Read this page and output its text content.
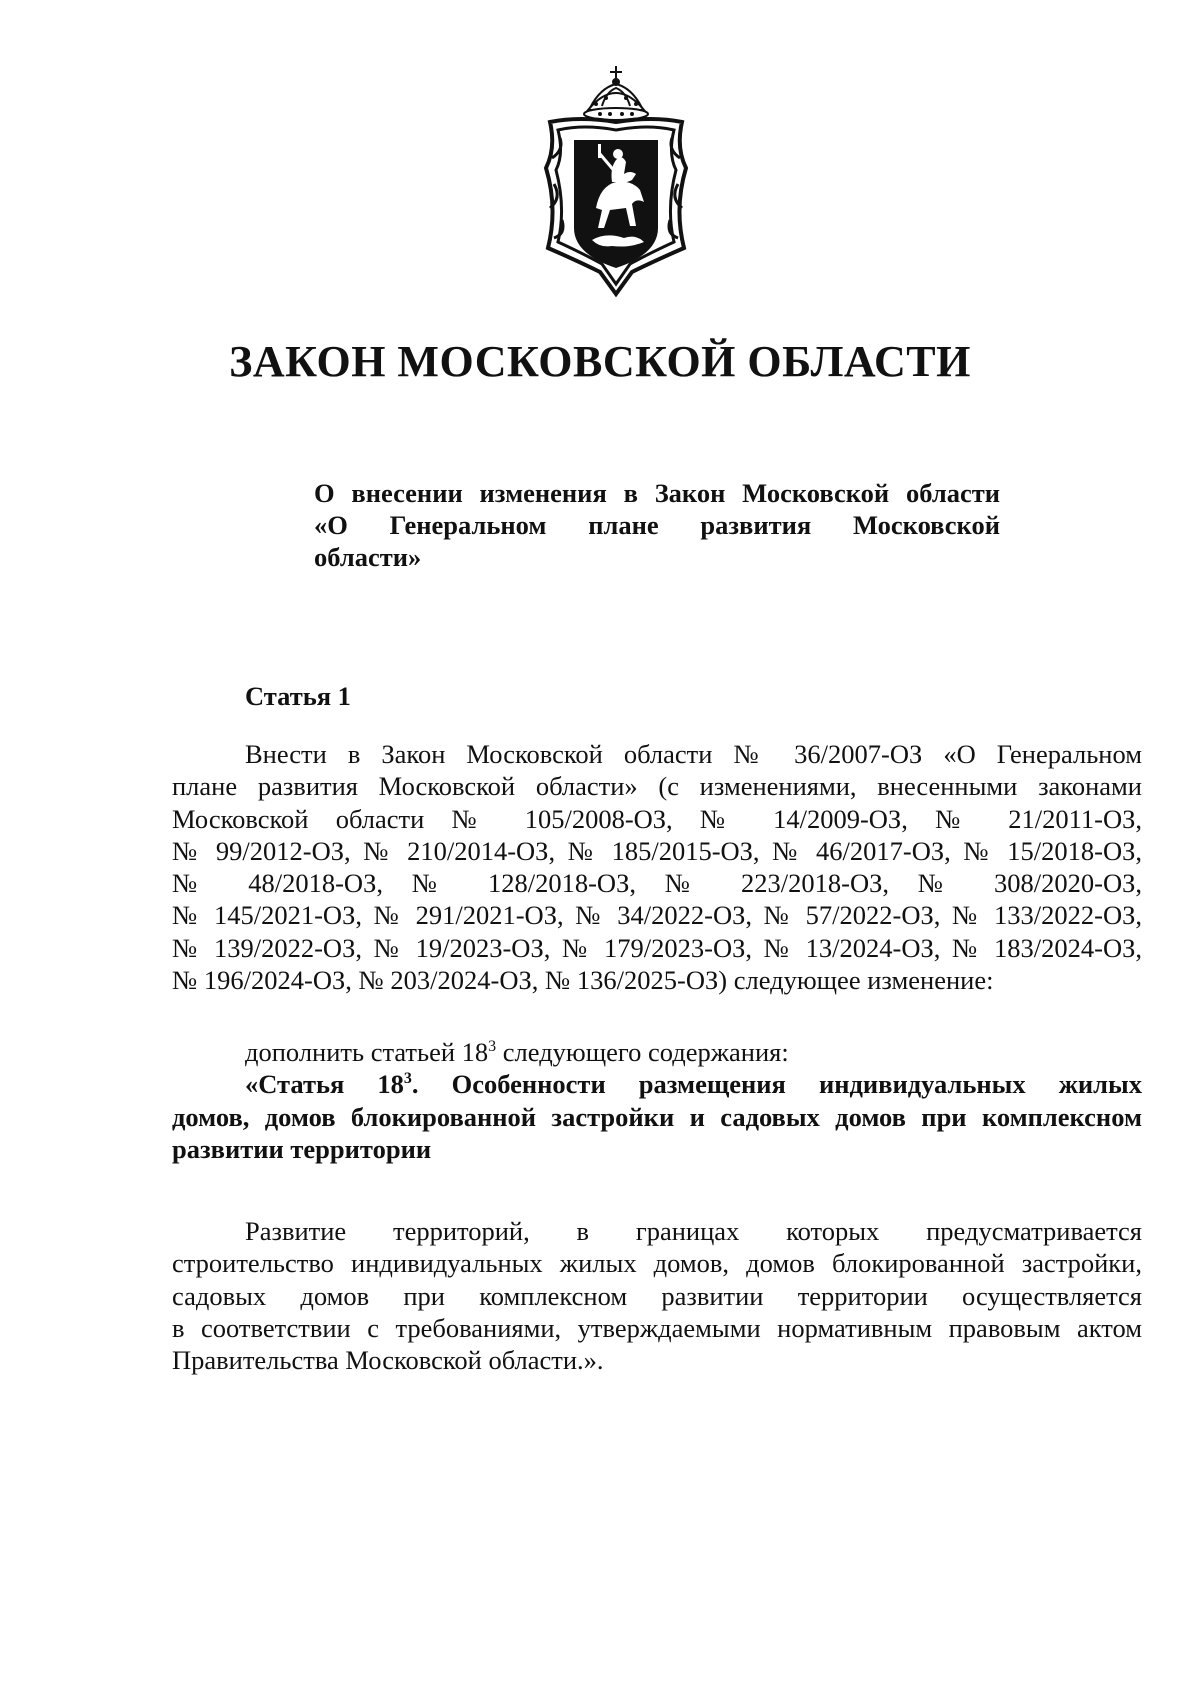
ЗАКОН МОСКОВСКОЙ ОБЛАСТИ
О внесении изменения в Закон Московской области
«О Генеральном плане развития Московской
области»
Статья 1
Внести в Закон Московской области № 36/2007-ОЗ «О Генеральном
плане развития Московской области» (с изменениями, внесенными законами
Московской области № 105/2008-ОЗ, № 14/2009-ОЗ, № 21/2011-ОЗ,
№ 99/2012-ОЗ, № 210/2014-ОЗ, № 185/2015-ОЗ, № 46/2017-ОЗ, № 15/2018-ОЗ,
№ 48/2018-ОЗ, № 128/2018-ОЗ, № 223/2018-ОЗ, № 308/2020-ОЗ,
№ 145/2021-ОЗ, № 291/2021-ОЗ, № 34/2022-ОЗ, № 57/2022-ОЗ, № 133/2022-ОЗ,
№ 139/2022-ОЗ, № 19/2023-ОЗ, № 179/2023-ОЗ, № 13/2024-ОЗ, № 183/2024-ОЗ,
№ 196/2024-ОЗ, № 203/2024-ОЗ, № 136/2025-ОЗ) следующее изменение:
дополнить статьей $18^3$ следующего содержания:
«Статья $18^3$. Особенности размещения индивидуальных жилых
домов, домов блокированной застройки и садовых домов при комплексном
развитии территории
Развитие территорий, в границах которых предусматривается
строительство индивидуальных жилых домов, домов блокированной застройки,
садовых домов при комплексном развитии территории осуществляется
в соответствии с требованиями, утверждаемыми нормативным правовым актом
Правительства Московской области.».
